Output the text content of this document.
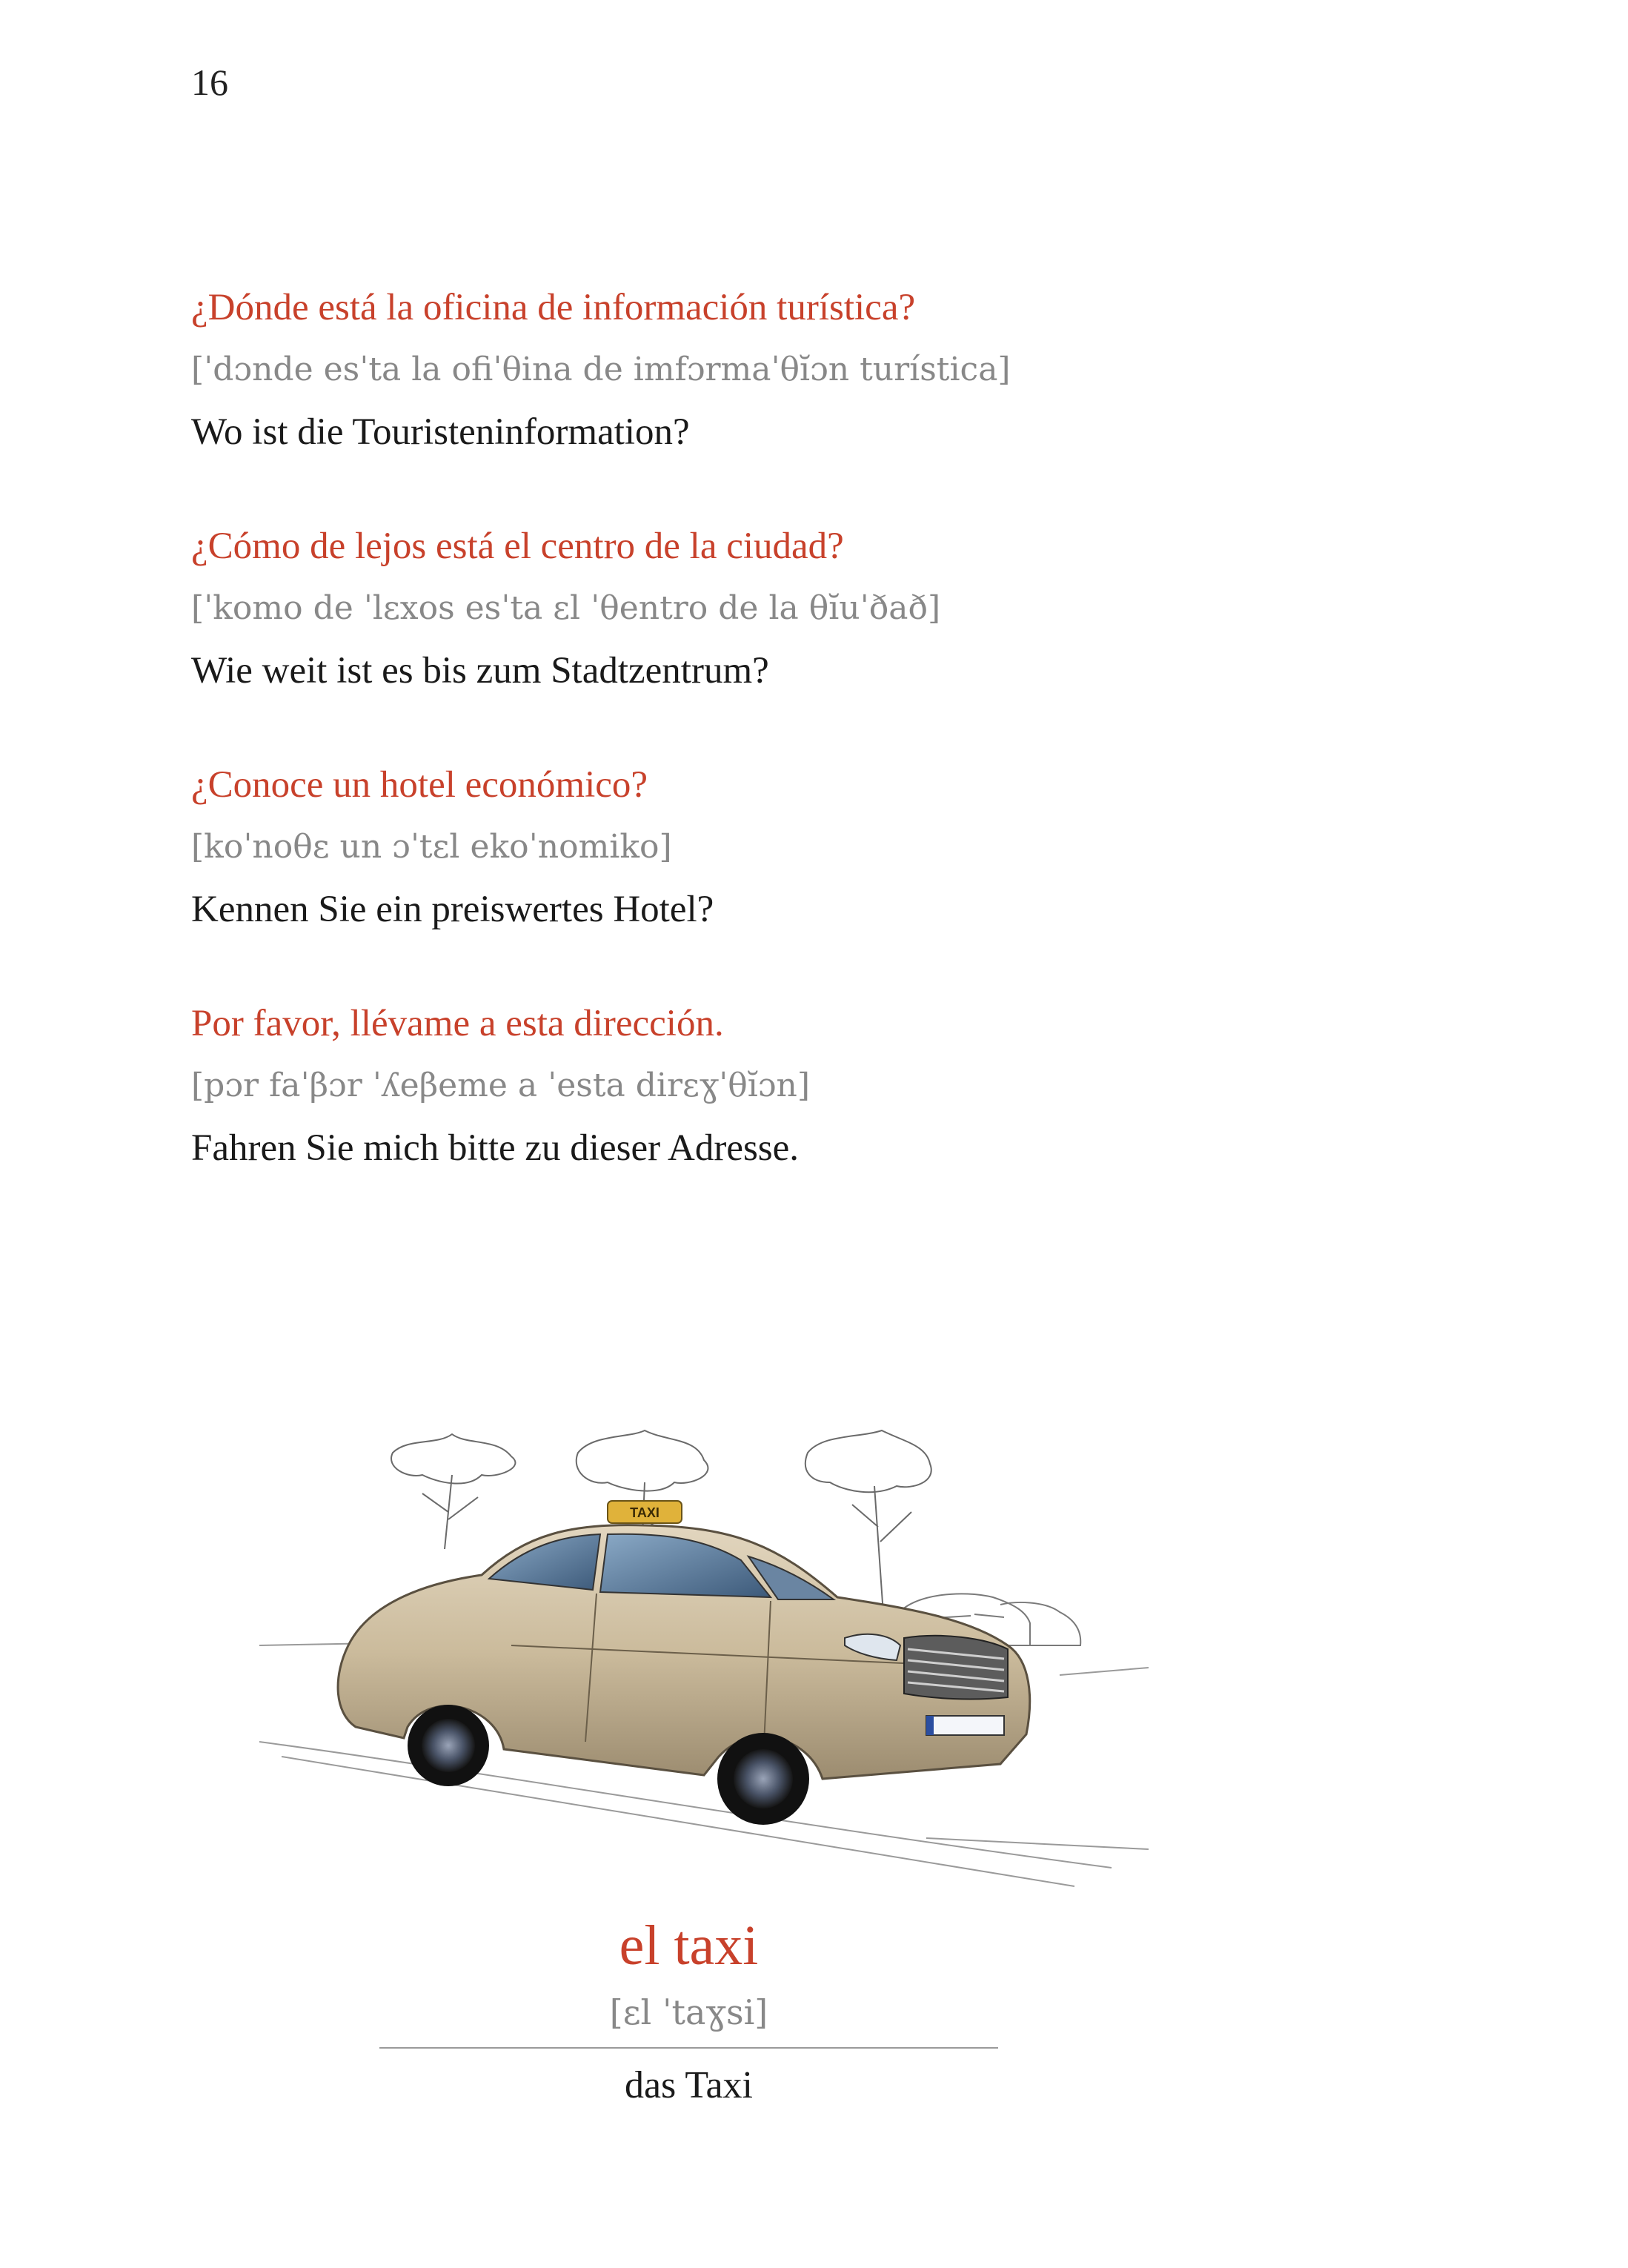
16
¿Dónde está la oficina de información turística?
[ˈdɔnde esˈta la ofiˈθina de imfɔrmaˈθĭɔn turística]
Wo ist die Touristeninformation?
¿Cómo de lejos está el centro de la ciudad?
[ˈkomo de ˈlɛxos esˈta ɛl ˈθentro de la θĭuˈðað]
Wie weit ist es bis zum Stadtzentrum?
¿Conoce un hotel económico?
[koˈnoθɛ un ɔˈtɛl ekoˈnomiko]
Kennen Sie ein preiswertes Hotel?
Por favor, llévame a esta dirección.
[pɔr faˈβɔr ˈʎeβeme a ˈesta dirɛɣˈθĭɔn]
Fahren Sie mich bitte zu dieser Adresse.
TAXI
el taxi
[ɛl ˈtaɣsi]
das Taxi
